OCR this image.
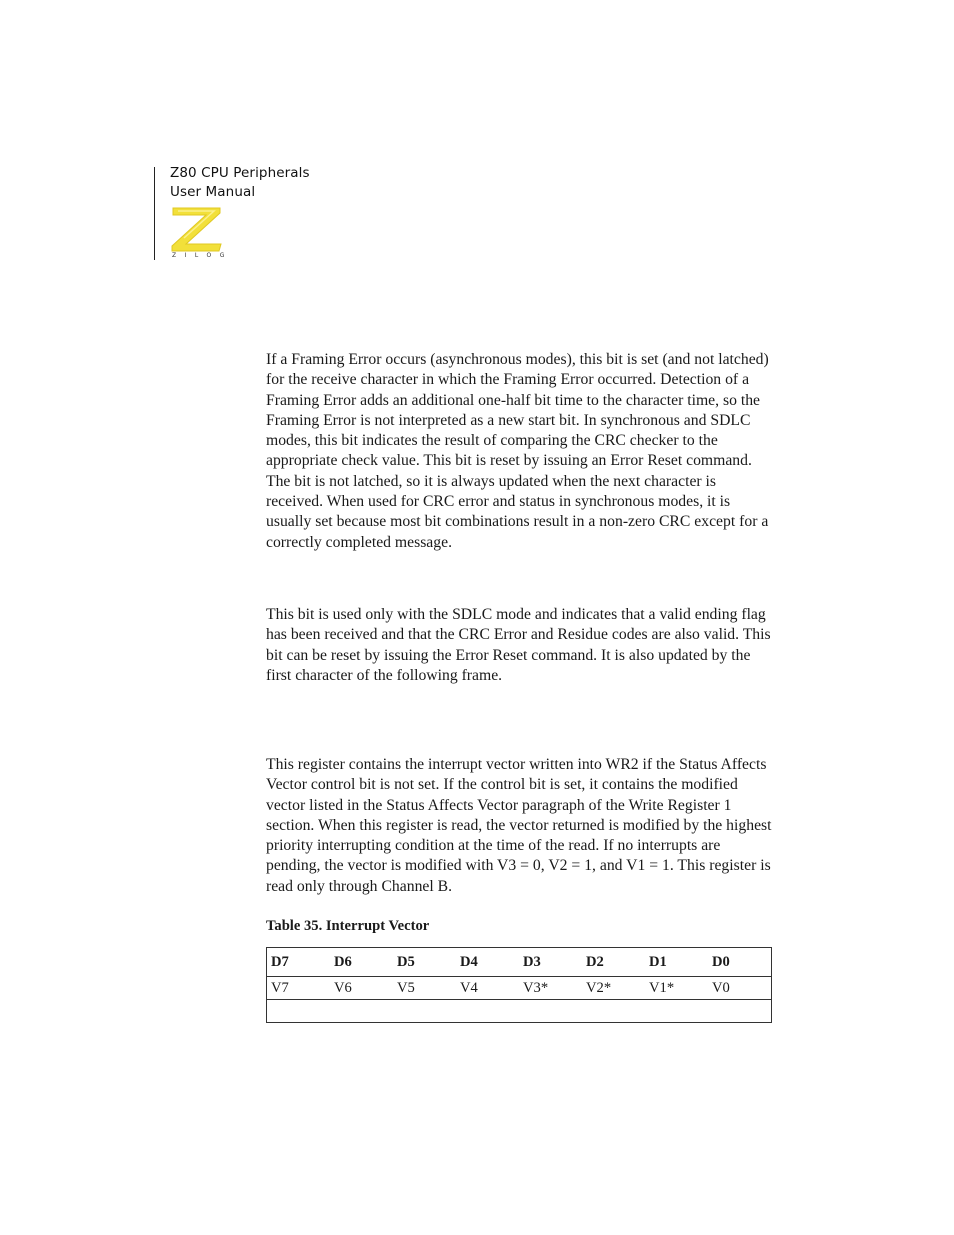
Z80 CPU Peripherals
User Manual
ZILOG

If a Framing Error occurs (asynchronous modes), this bit is set (and not latched) for the receive character in which the Framing Error occurred. Detection of a Framing Error adds an additional one-half bit time to the character time, so the Framing Error is not interpreted as a new start bit. In synchronous and SDLC modes, this bit indicates the result of comparing the CRC checker to the appropriate check value. This bit is reset by issuing an Error Reset command. The bit is not latched, so it is always updated when the next character is received. When used for CRC error and status in synchronous modes, it is usually set because most bit combinations result in a non-zero CRC except for a correctly completed message.

This bit is used only with the SDLC mode and indicates that a valid ending flag has been received and that the CRC Error and Residue codes are also valid. This bit can be reset by issuing the Error Reset command. It is also updated by the first character of the following frame.

This register contains the interrupt vector written into WR2 if the Status Affects Vector control bit is not set. If the control bit is set, it contains the modified vector listed in the Status Affects Vector paragraph of the Write Register 1 section. When this register is read, the vector returned is modified by the highest priority interrupting condition at the time of the read. If no interrupts are pending, the vector is modified with V3 = 0, V2 = 1, and V1 = 1. This register is read only through Channel B.

Table 35. Interrupt Vector
D7	D6	D5	D4	D3	D2	D1	D0
V7	V6	V5	V4	V3*	V2*	V1*	V0
